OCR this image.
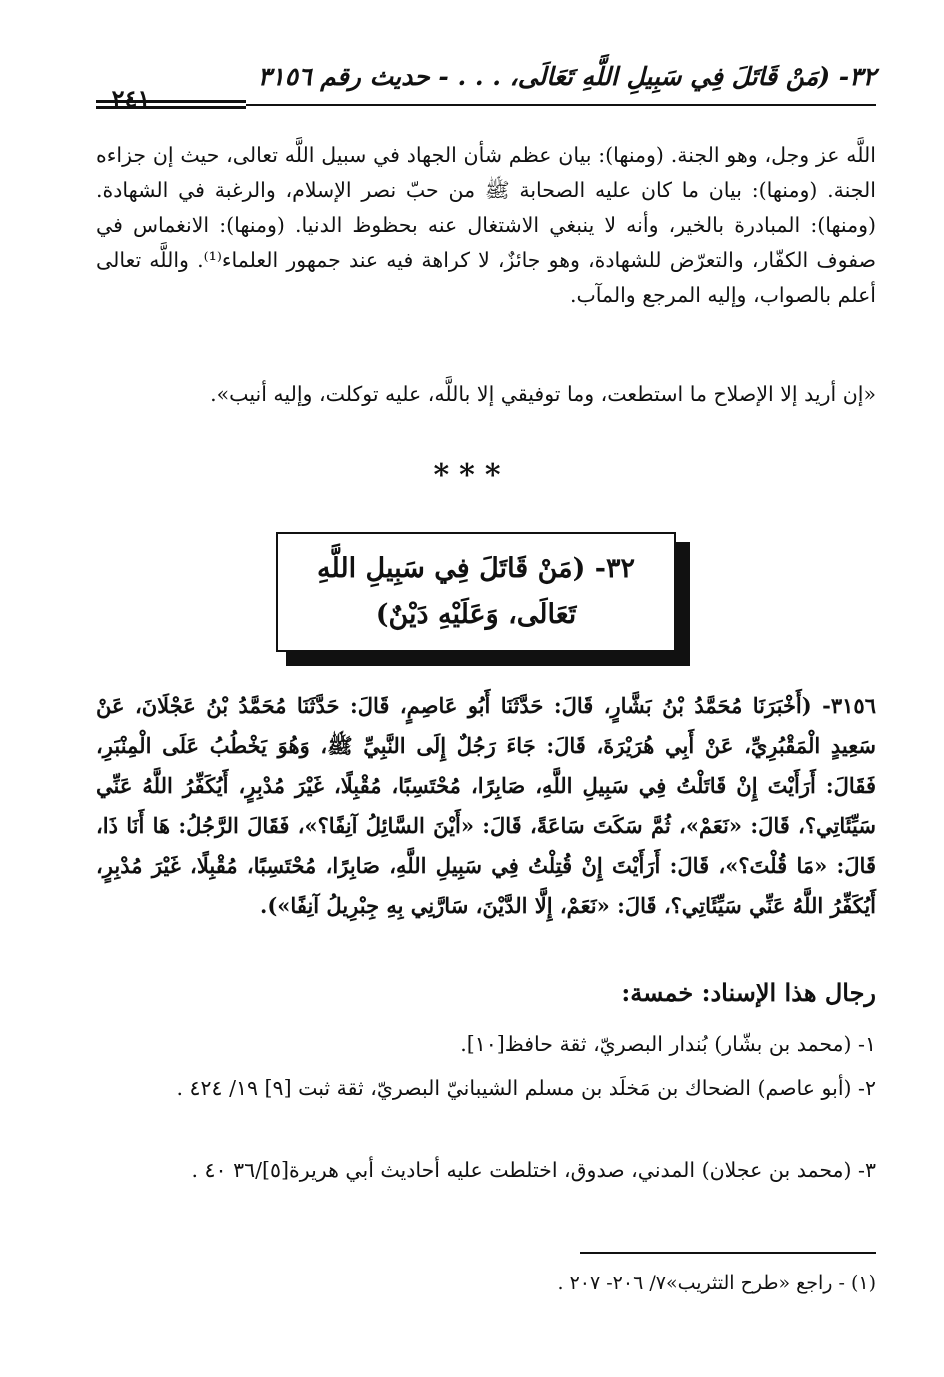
٣٢- (مَنْ قَاتَلَ فِي سَبِيلِ اللَّهِ تَعَالَى، . . . - حديث رقم ٣١٥٦
٢٤١

اللَّه عز وجل، وهو الجنة. (ومنها): بيان عظم شأن الجهاد في سبيل اللَّه تعالى، حيث إن جزاءه الجنة. (ومنها): بيان ما كان عليه الصحابة ﷺ من حبّ نصر الإسلام، والرغبة في الشهادة. (ومنها): المبادرة بالخير، وأنه لا ينبغي الاشتغال عنه بحظوظ الدنيا. (ومنها): الانغماس في صفوف الكفّار، والتعرّض للشهادة، وهو جائزٌ، لا كراهة فيه عند جمهور العلماء⁽¹⁾. واللَّه تعالى أعلم بالصواب، وإليه المرجع والمآب.

«إن أريد إلا الإصلاح ما استطعت، وما توفيقي إلا باللَّه، عليه توكلت، وإليه أنيب».

***
٣٢- (مَنْ قَاتَلَ فِي سَبِيلِ اللَّهِ
تَعَالَى، وَعَلَيْهِ دَيْنٌ)

٣١٥٦- (أَخْبَرَنَا مُحَمَّدُ بْنُ بَشَّارٍ، قَالَ: حَدَّثَنَا أَبُو عَاصِمٍ، قَالَ: حَدَّثَنَا مُحَمَّدُ بْنُ عَجْلَانَ، عَنْ سَعِيدٍ الْمَقْبُرِيِّ، عَنْ أَبِي هُرَيْرَةَ، قَالَ: جَاءَ رَجُلٌ إِلَى النَّبِيِّ ﷺ، وَهُوَ يَخْطُبُ عَلَى الْمِنْبَرِ، فَقَالَ: أَرَأَيْتَ إِنْ قَاتَلْتُ فِي سَبِيلِ اللَّهِ، صَابِرًا، مُحْتَسِبًا، مُقْبِلًا، غَيْرَ مُدْبِرٍ، أَيُكَفِّرُ اللَّهُ عَنِّي سَيِّئَاتِي؟، قَالَ: «نَعَمْ»، ثُمَّ سَكَتَ سَاعَةً، قَالَ: «أَيْنَ السَّائِلُ آنِفًا؟»، فَقَالَ الرَّجُلُ: هَا أَنَا ذَا، قَالَ: «مَا قُلْتَ؟»، قَالَ: أَرَأَيْتَ إِنْ قُتِلْتُ فِي سَبِيلِ اللَّهِ، صَابِرًا، مُحْتَسِبًا، مُقْبِلًا، غَيْرَ مُدْبِرٍ، أَيُكَفِّرُ اللَّهُ عَنِّي سَيِّئَاتِي؟، قَالَ: «نَعَمْ، إِلَّا الدَّيْنَ، سَارَّنِي بِهِ جِبْرِيلُ آنِفًا»).

رجال هذا الإسناد: خمسة:

١- (محمد بن بشّار) بُندار البصريّ، ثقة حافظ[١٠].

٢- (أبو عاصم) الضحاك بن مَخلَد بن مسلم الشيبانيّ البصريّ، ثقة ثبت [٩] ١٩/ ٤٢٤ .

٣- (محمد بن عجلان) المدني، صدوق، اختلطت عليه أحاديث أبي هريرة[٥]/٣٦ ٤٠ .

(١) - راجع «طرح التثريب»٧/ ٢٠٦- ٢٠٧ .
